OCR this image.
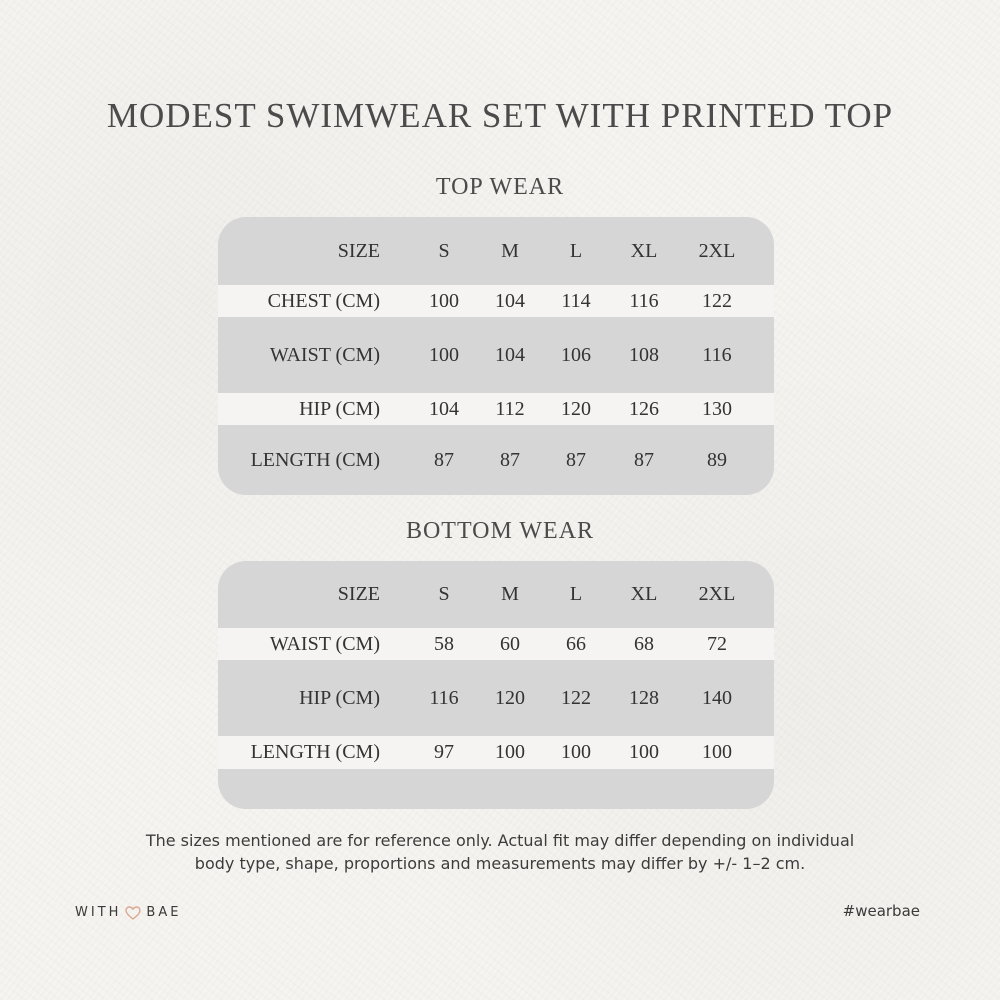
MODEST SWIMWEAR SET WITH PRINTED TOP
TOP WEAR
SIZE	S	M	L	XL	2XL
CHEST (CM)	100	104	114	116	122
WAIST (CM)	100	104	106	108	116
HIP (CM)	104	112	120	126	130
LENGTH (CM)	87	87	87	87	89
BOTTOM WEAR
SIZE	S	M	L	XL	2XL
WAIST (CM)	58	60	66	68	72
HIP (CM)	116	120	122	128	140
LENGTH (CM)	97	100	100	100	100
The sizes mentioned are for reference only. Actual fit may differ depending on individual
body type, shape, proportions and measurements may differ by +/- 1–2 cm.
WITH BAE	#wearbae
